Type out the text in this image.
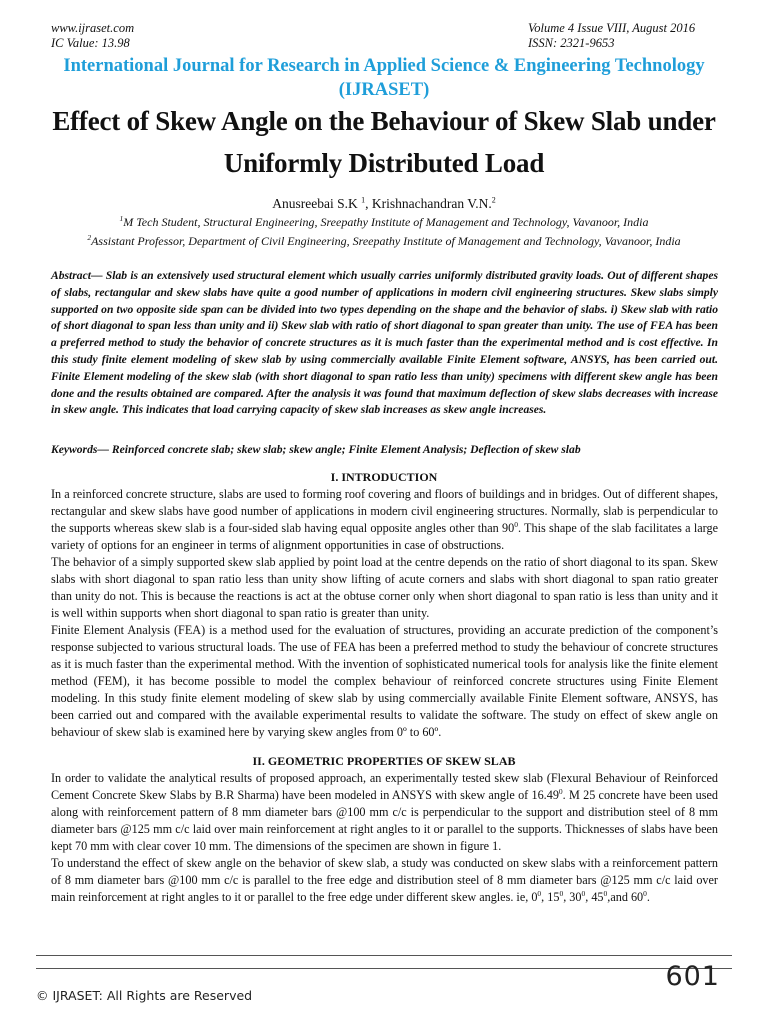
www.ijraset.com
IC Value: 13.98
Volume 4 Issue VIII, August 2016
ISSN: 2321-9653
International Journal for Research in Applied Science & Engineering Technology (IJRASET)
Effect of Skew Angle on the Behaviour of Skew Slab under Uniformly Distributed Load
Anusreebai S.K $^1$, Krishnachandran V.N.$^2$
$^1$M Tech Student, Structural Engineering, Sreepathy Institute of Management and Technology, Vavanoor, India
$^2$Assistant Professor, Department of Civil Engineering, Sreepathy Institute of Management and Technology, Vavanoor, India
Abstract— Slab is an extensively used structural element which usually carries uniformly distributed gravity loads. Out of different shapes of slabs, rectangular and skew slabs have quite a good number of applications in modern civil engineering structures. Skew slabs simply supported on two opposite side span can be divided into two types depending on the shape and the behavior of slabs. i) Skew slab with ratio of short diagonal to span less than unity and ii) Skew slab with ratio of short diagonal to span greater than unity. The use of FEA has been a preferred method to study the behavior of concrete structures as it is much faster than the experimental method and is cost effective. In this study finite element modeling of skew slab by using commercially available Finite Element software, ANSYS, has been carried out. Finite Element modeling of the skew slab (with short diagonal to span ratio less than unity) specimens with different skew angle has been done and the results obtained are compared. After the analysis it was found that maximum deflection of skew slabs decreases with increase in skew angle. This indicates that load carrying capacity of skew slab increases as skew angle increases.
Keywords— Reinforced concrete slab; skew slab; skew angle; Finite Element Analysis; Deflection of skew slab
I. INTRODUCTION

In a reinforced concrete structure, slabs are used to forming roof covering and floors of buildings and in bridges. Out of different shapes, rectangular and skew slabs have good number of applications in modern civil engineering structures. Normally, slab is perpendicular to the supports whereas skew slab is a four-sided slab having equal opposite angles other than $90^0$. This shape of the slab facilitates a large variety of options for an engineer in terms of alignment opportunities in case of obstructions.

The behavior of a simply supported skew slab applied by point load at the centre depends on the ratio of short diagonal to its span. Skew slabs with short diagonal to span ratio less than unity show lifting of acute corners and slabs with short diagonal to span ratio greater than unity do not. This is because the reactions is act at the obtuse corner only when short diagonal to span ratio is less than unity and it is well within supports when short diagonal to span ratio is greater than unity.

Finite Element Analysis (FEA) is a method used for the evaluation of structures, providing an accurate prediction of the component’s response subjected to various structural loads. The use of FEA has been a preferred method to study the behaviour of concrete structures as it is much faster than the experimental method. With the invention of sophisticated numerical tools for analysis like the finite element method (FEM), it has become possible to model the complex behaviour of reinforced concrete structures using Finite Element modeling. In this study finite element modeling of skew slab by using commercially available Finite Element software, ANSYS, has been carried out and compared with the available experimental results to validate the software. The study on effect of skew angle on behaviour of skew slab is examined here by varying skew angles from 0º to 60º.

II. GEOMETRIC PROPERTIES OF SKEW SLAB

In order to validate the analytical results of proposed approach, an experimentally tested skew slab (Flexural Behaviour of Reinforced Cement Concrete Skew Slabs by B.R Sharma) have been modeled in ANSYS with skew angle of 16.49$^0$. M 25 concrete have been used along with reinforcement pattern of 8 mm diameter bars @100 mm c/c is perpendicular to the support and distribution steel of 8 mm diameter bars @125 mm c/c laid over main reinforcement at right angles to it or parallel to the supports. Thicknesses of slabs have been kept 70 mm with clear cover 10 mm. The dimensions of the specimen are shown in figure 1.

To understand the effect of skew angle on the behavior of skew slab, a study was conducted on skew slabs with a reinforcement pattern of 8 mm diameter bars @100 mm c/c is parallel to the free edge and distribution steel of 8 mm diameter bars @125 mm c/c laid over main reinforcement at right angles to it or parallel to the free edge under different skew angles. ie, $0^0$, $15^0$, $30^0$, $45^0,and$ $60^0$.

601
© IJRASET: All Rights are Reserved
